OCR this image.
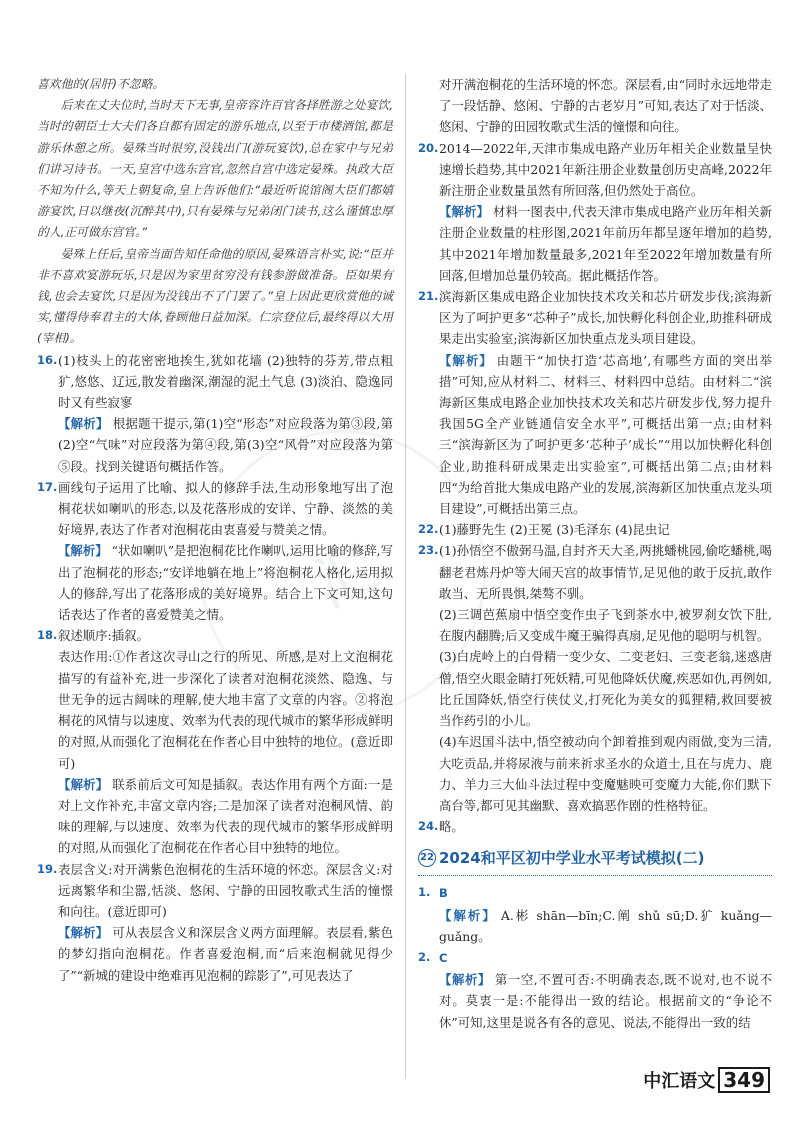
汇

喜欢他的(居肝)不忽略。

后来在丈夫位时,当时天下无事,皇帝容许百官各择胜游之处宴饮,当时的朝臣士大夫们各自都有固定的游乐地点,以至于市楼酒馆,都是游乐休憩之所。晏殊当时很穷,没钱出门(游玩宴饮),总在家中与兄弟们讲习诗书。一天,皇宫中选东宫官,忽然自宫中选定晏殊。执政大臣不知为什么,等天上朝复命,皇上告诉他们:“最近听说馆阁大臣们都嬉游宴饮,日以继夜(沉醉其中),只有晏殊与兄弟闭门读书,这么谨慎忠厚的人,正可做东宫官。”

晏殊上任后,皇帝当面告知任命他的原因,晏殊语言朴实,说:“臣并非不喜欢宴游玩乐,只是因为家里贫穷没有钱参游做准备。臣如果有钱,也会去宴饮,只是因为没钱出不了门罢了。”皇上因此更欣赏他的诚实,懂得侍奉君主的大体,眷顾他日益加深。仁宗登位后,最终得以大用(宰相)。

16. (1)枝头上的花密密地挨生,犹如花墙 (2)独特的芬芳,带点粗犷,悠悠、辽远,散发着幽深,潮湿的泥土气息 (3)淡泊、隐逸同时又有些寂寥

【解析】 根据题干提示,第(1)空“形态”对应段落为第③段,第(2)空“气味”对应段落为第④段,第(3)空“风骨”对应段落为第⑤段。找到关键语句概括作答。

17. 画线句子运用了比喻、拟人的修辞手法,生动形象地写出了泡桐花状如喇叭的形态,以及花落形成的安详、宁静、淡然的美好境界,表达了作者对泡桐花由衷喜爱与赞美之情。

【解析】 “状如喇叭”是把泡桐花比作喇叭,运用比喻的修辞,写出了泡桐花的形态;“安详地躺在地上”将泡桐花人格化,运用拟人的修辞,写出了花落形成的美好境界。结合上下文可知,这句话表达了作者的喜爱赞美之情。

18. 叙述顺序:插叙。

表达作用:①作者这次寻山之行的所见、所感,是对上文泡桐花描写的有益补充,进一步深化了读者对泡桐花淡然、隐逸、与世无争的远古阔味的理解,使大地丰富了文章的内容。②将泡桐花的风情与以速度、效率为代表的现代城市的繁华形成鲜明的对照,从而强化了泡桐花在作者心目中独特的地位。(意近即可)

【解析】 联系前后文可知是插叙。表达作用有两个方面:一是对上文作补充,丰富文章内容;二是加深了读者对泡桐风情、韵味的理解,与以速度、效率为代表的现代城市的繁华形成鲜明的对照,从而强化了泡桐花在作者心目中独特的地位。

19. 表层含义:对开满紫色泡桐花的生活环境的怀恋。深层含义:对远离繁华和尘嚣,恬淡、悠闲、宁静的田园牧歌式生活的憧憬和向往。(意近即可)

【解析】 可从表层含义和深层含义两方面理解。表层看,紫色的梦幻指向泡桐花。作者喜爱泡桐,而“后来泡桐就见得少了”“新城的建设中绝难再见泡桐的踪影了”,可见表达了

对开满泡桐花的生活环境的怀恋。深层看,由“同时永远地带走了一段恬静、悠闲、宁静的古老岁月”可知,表达了对于恬淡、悠闲、宁静的田园牧歌式生活的憧憬和向往。

20. 2014—2022年,天津市集成电路产业历年相关企业数量呈快速增长趋势,其中2021年新注册企业数量创历史高峰,2022年新注册企业数量虽然有所回落,但仍然处于高位。

【解析】 材料一图表中,代表天津市集成电路产业历年相关新注册企业数量的柱形图,2021年前历年都呈逐年增加的趋势,其中2021年增加数量最多,2021年至2022年增加数量有所回落,但增加总量仍较高。据此概括作答。

21. 滨海新区集成电路企业加快技术攻关和芯片研发步伐;滨海新区为了呵护更多“芯种子”成长,加快孵化科创企业,助推科研成果走出实验室;滨海新区加快重点龙头项目建设。

【解析】 由题干“加快打造‘芯高地’,有哪些方面的突出举措”可知,应从材料二、材料三、材料四中总结。由材料二“滨海新区集成电路企业加快技术攻关和芯片研发步伐,努力提升我国5G全产业链通信安全水平”,可概括出第一点;由材料三“滨海新区为了呵护更多‘芯种子’成长”“用以加快孵化科创企业,助推科研成果走出实验室”,可概括出第二点;由材料四“为给首批大集成电路产业的发展,滨海新区加快重点龙头项目建设”,可概括出第三点。

22. (1)藤野先生 (2)王冕 (3)毛泽东 (4)昆虫记

23. (1)孙悟空不傲弼马温,自封齐天大圣,两挑蟠桃园,偷吃蟠桃,喝翻老君炼丹炉等大闹天宫的故事情节,足见他的敢于反抗,敢作敢当、无所畏惧,桀骜不驯。

(2)三调芭蕉扇中悟空变作虫子飞到茶水中,被罗刹女饮下肚,在腹内翻腾;后又变成牛魔王骗得真扇,足见他的聪明与机智。

(3)白虎岭上的白骨精一变少女、二变老妇、三变老翁,迷惑唐僧,悟空火眼金睛打死妖精,可见他降妖伏魔,疾恶如仇,再例如,比丘国降妖,悟空行侠仗义,打死化为美女的狐狸精,救回要被当作药引的小儿。

(4)车迟国斗法中,悟空被动向个卸着推到观内雨做,变为三清,大吃贡品,并将尿液与前来祈求圣水的众道士,且在与虎力、鹿力、羊力三大仙斗法过程中变魔魅映可变魔力大能,你们默下高台等,都可见其幽默、喜欢搞恶作剧的性格特征。

24. 略。

22 2024和平区初中学业水平考试模拟(二)

1. B

【解析】 A.彬 shān—bīn;C.阐 shǔ sū;D.犷 kuǎng—guǎng。

2. C

【解析】 第一空,不置可否:不明确表态,既不说对,也不说不对。莫衷一是:不能得出一致的结论。根据前文的“争论不休”可知,这里是说各有各的意见、说法,不能得出一致的结

中汇语文 349
